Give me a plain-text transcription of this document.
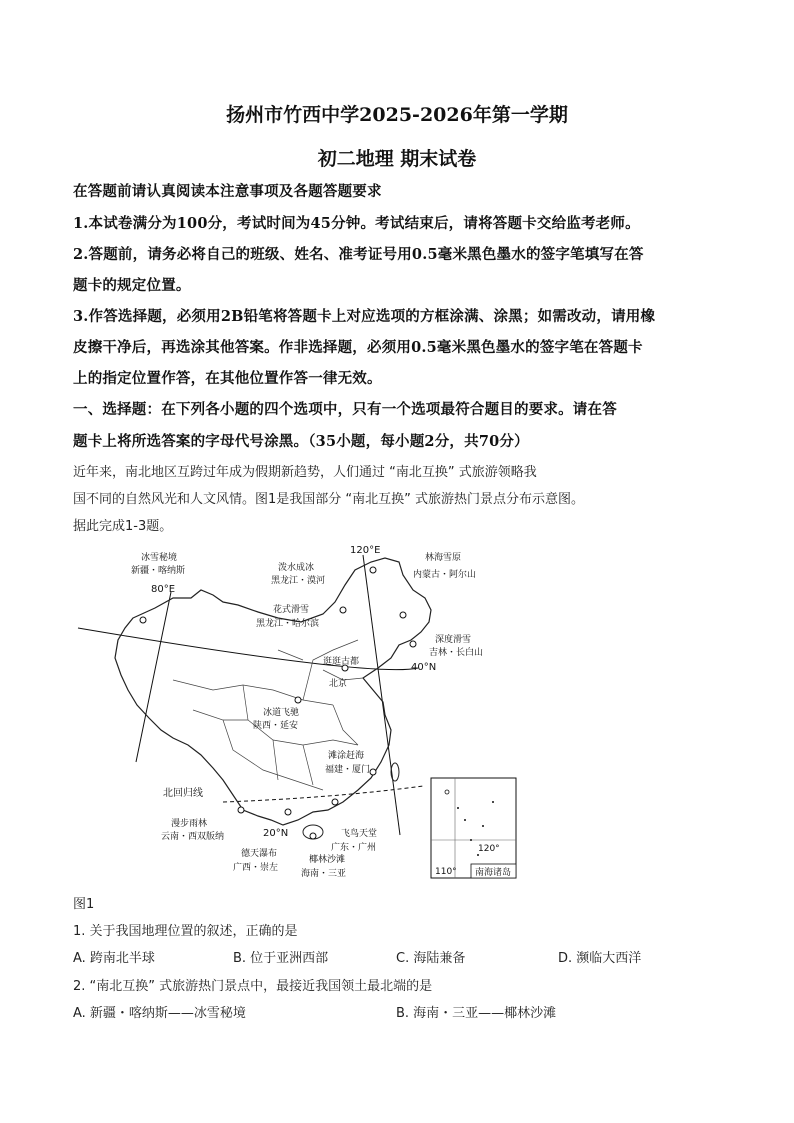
扬州市竹西中学2025-2026年第一学期
初二地理 期末试卷
在答题前请认真阅读本注意事项及各题答题要求
1.本试卷满分为100分，考试时间为45分钟。考试结束后，请将答题卡交给监考老师。
2.答题前，请务必将自己的班级、姓名、准考证号用0.5毫米黑色墨水的签字笔填写在答
题卡的规定位置。
3.作答选择题，必须用2B铅笔将答题卡上对应选项的方框涂满、涂黑；如需改动，请用橡
皮擦干净后，再选涂其他答案。作非选择题，必须用0.5毫米黑色墨水的签字笔在答题卡
上的指定位置作答，在其他位置作答一律无效。
一、选择题：在下列各小题的四个选项中，只有一个选项最符合题目的要求。请在答
题卡上将所选答案的字母代号涂黑。（35小题，每小题2分，共70分）
近年来，南北地区互跨过年成为假期新趋势，人们通过 “南北互换” 式旅游领略我
国不同的自然风光和人文风情。图1是我国部分 “南北互换” 式旅游热门景点分布示意图。
据此完成1-3题。
冰雪秘境
新疆・喀纳斯
80°E
120°E
泼水成冰
黑龙江・漠河
林海雪原
内蒙古・阿尔山
花式滑雪
黑龙江・哈尔滨
深度滑雪
吉林・长白山
40°N
逛逛古都
北京
冰道飞驰
陕西・延安
滩涂赶海
福建・厦门
北回归线
漫步雨林
云南・西双版纳	20°N	飞鸟天堂
广东・广州
德天瀑布
广西・崇左
椰林沙滩
海南・三亚
120°
110° 南海诸岛
图1
1. 关于我国地理位置的叙述，正确的是
A. 跨南北半球	B. 位于亚洲西部	C. 海陆兼备	D. 濒临大西洋
2. “南北互换” 式旅游热门景点中，最接近我国领土最北端的是
A. 新疆・喀纳斯——冰雪秘境	B. 海南・三亚——椰林沙滩
